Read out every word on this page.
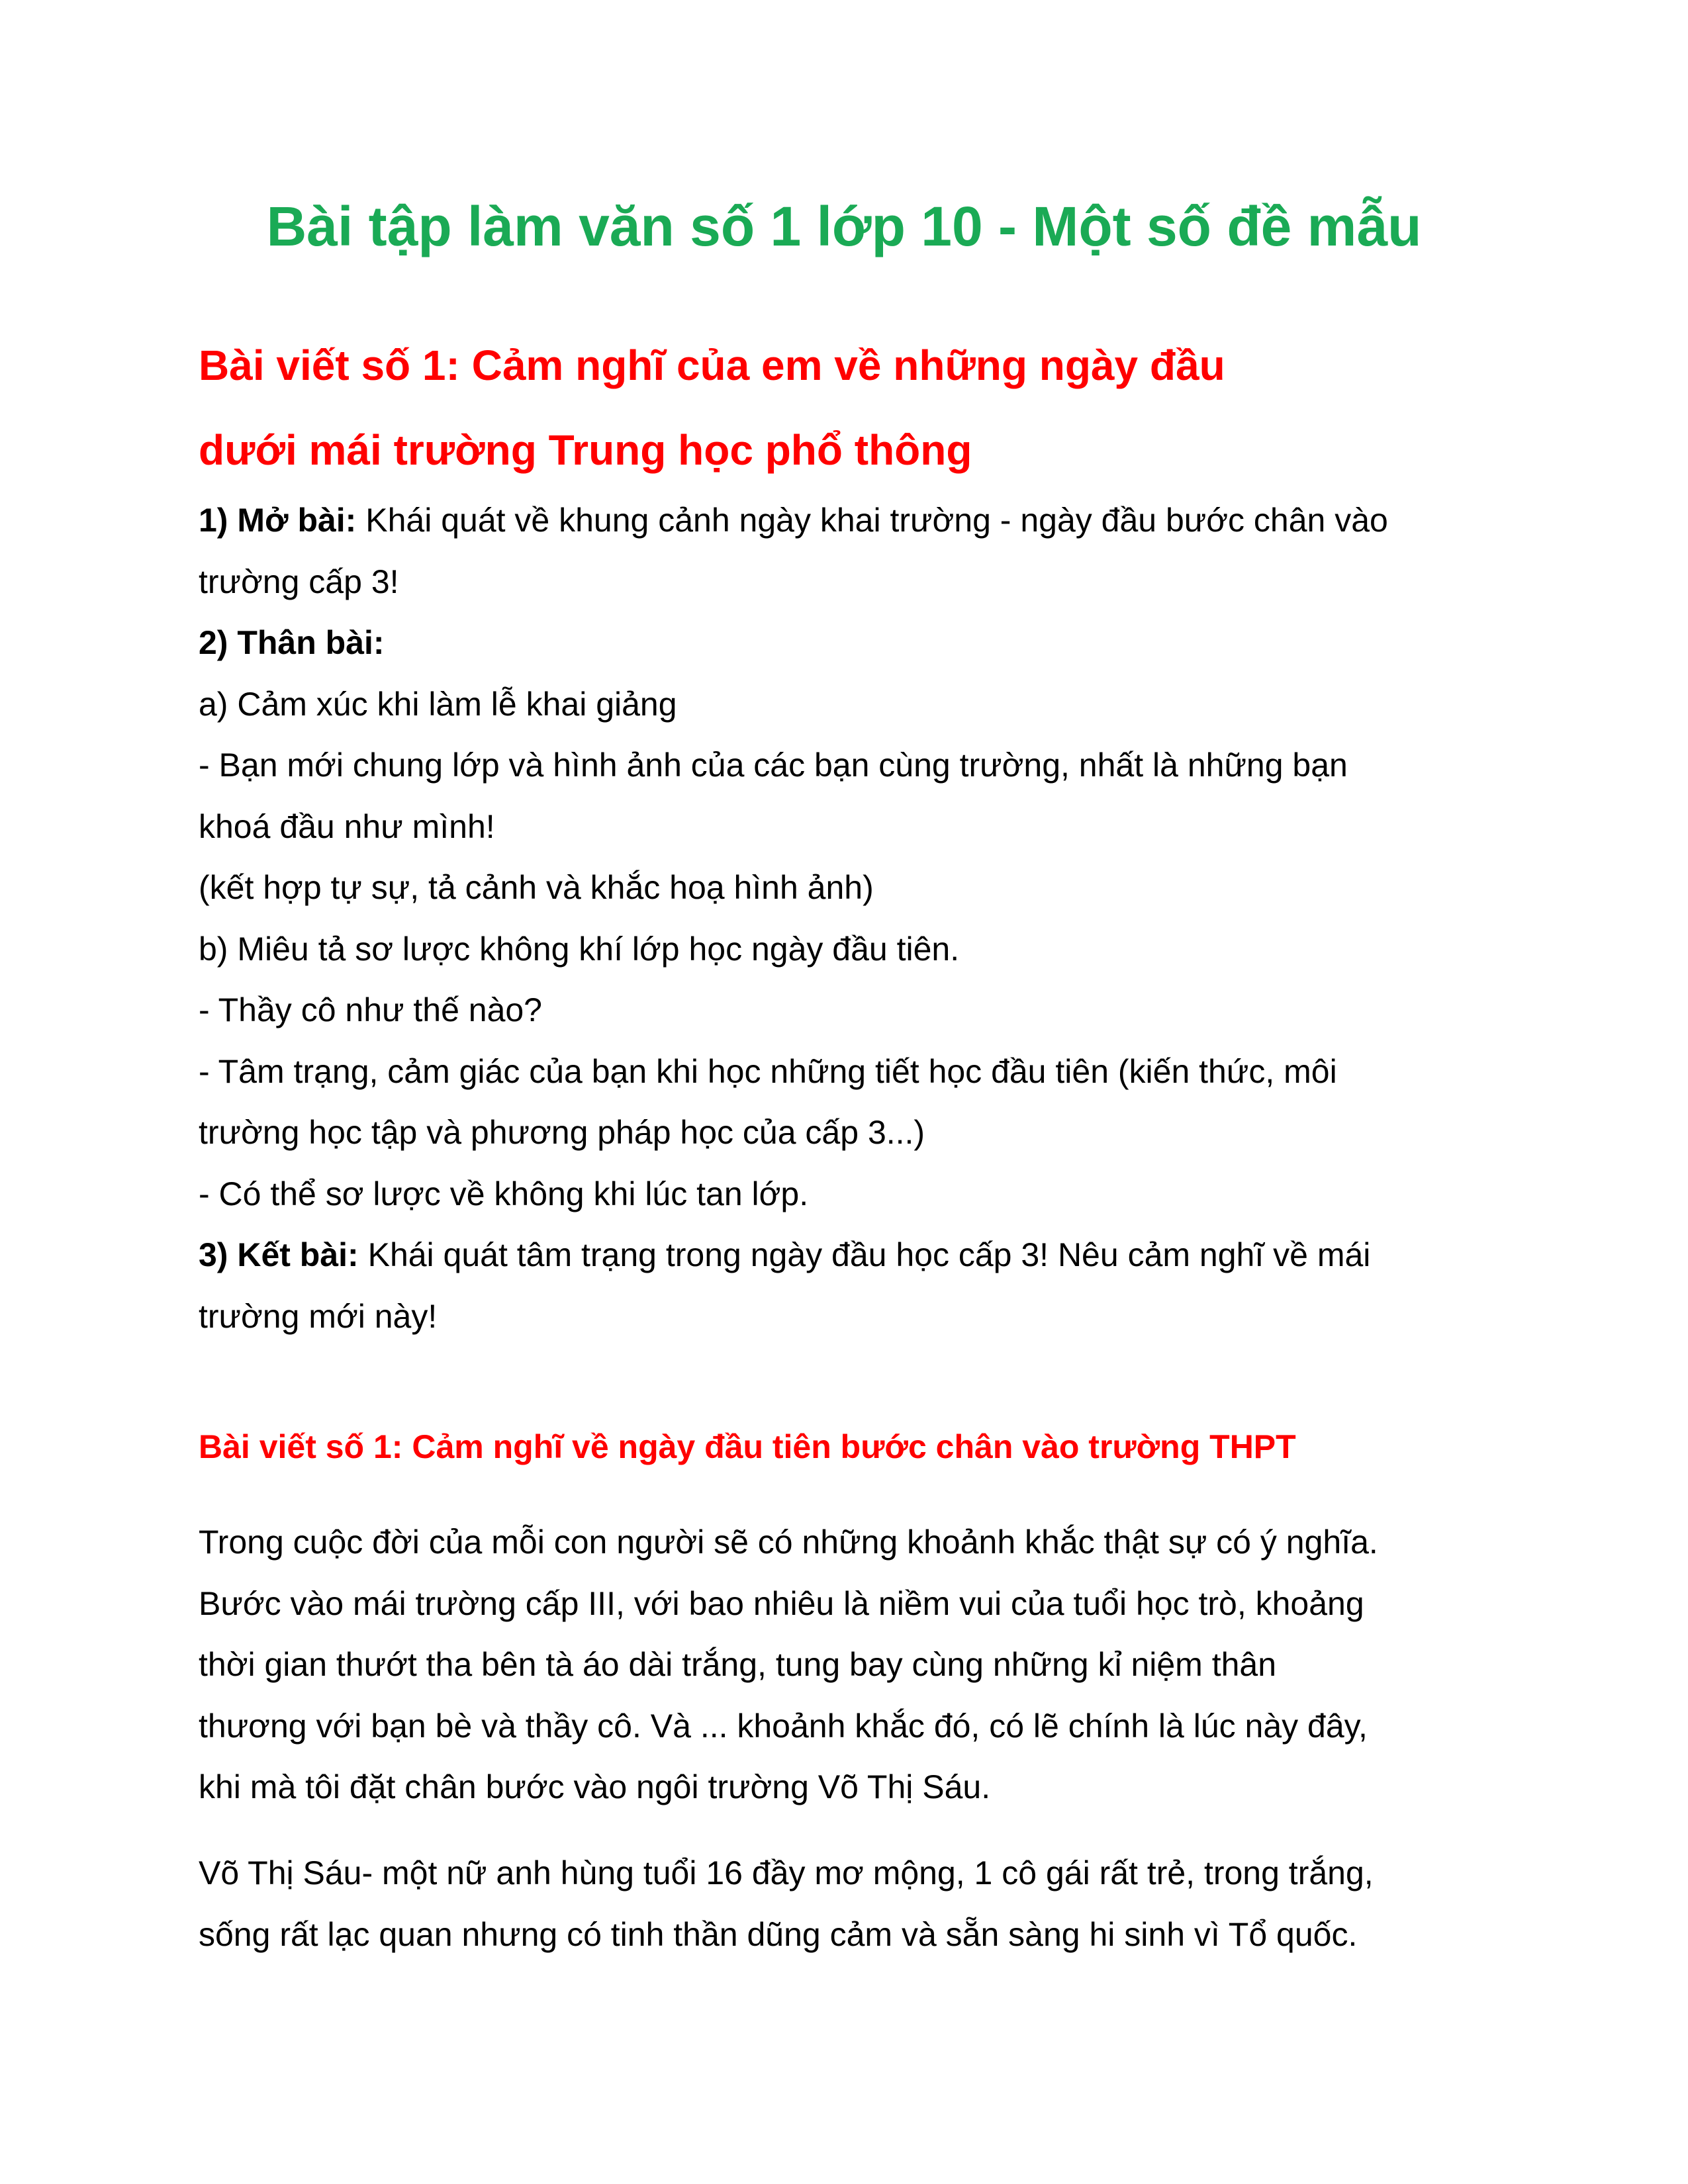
Bài tập làm văn số 1 lớp 10 - Một số đề mẫu
Bài viết số 1: Cảm nghĩ của em về những ngày đầu
dưới mái trường Trung học phổ thông
1) Mở bài: Khái quát về khung cảnh ngày khai trường - ngày đầu bước chân vào
trường cấp 3!
2) Thân bài:
a) Cảm xúc khi làm lễ khai giảng
- Bạn mới chung lớp và hình ảnh của các bạn cùng trường, nhất là những bạn
khoá đầu như mình!
(kết hợp tự sự, tả cảnh và khắc hoạ hình ảnh)
b) Miêu tả sơ lược không khí lớp học ngày đầu tiên.
- Thầy cô như thế nào?
- Tâm trạng, cảm giác của bạn khi học những tiết học đầu tiên (kiến thức, môi
trường học tập và phương pháp học của cấp 3...)
- Có thể sơ lược về không khi lúc tan lớp.
3) Kết bài: Khái quát tâm trạng trong ngày đầu học cấp 3! Nêu cảm nghĩ về mái
trường mới này!
Bài viết số 1: Cảm nghĩ về ngày đầu tiên bước chân vào trường THPT

Trong cuộc đời của mỗi con người sẽ có những khoảnh khắc thật sự có ý nghĩa.
Bước vào mái trường cấp III, với bao nhiêu là niềm vui của tuổi học trò, khoảng
thời gian thướt tha bên tà áo dài trắng, tung bay cùng những kỉ niệm thân
thương với bạn bè và thầy cô. Và ... khoảnh khắc đó, có lẽ chính là lúc này đây,
khi mà tôi đặt chân bước vào ngôi trường Võ Thị Sáu.

Võ Thị Sáu- một nữ anh hùng tuổi 16 đầy mơ mộng, 1 cô gái rất trẻ, trong trắng,
sống rất lạc quan nhưng có tinh thần dũng cảm và sẵn sàng hi sinh vì Tổ quốc.
